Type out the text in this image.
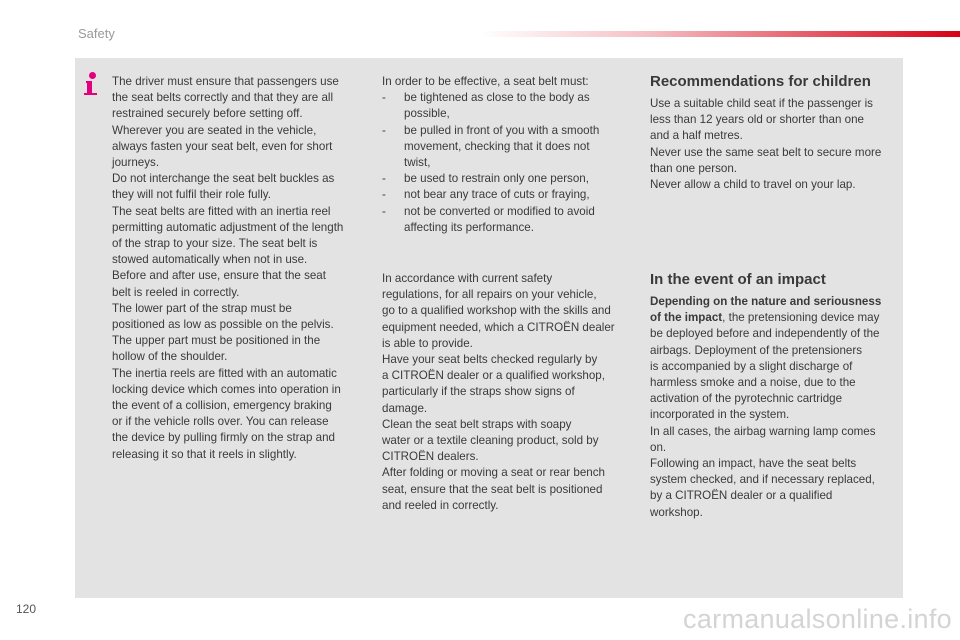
Safety

The driver must ensure that passengers use

the seat belts correctly and that they are all

restrained securely before setting off.

Wherever you are seated in the vehicle,

always fasten your seat belt, even for short

journeys.

Do not interchange the seat belt buckles as

they will not fulfil their role fully.

The seat belts are fitted with an inertia reel

permitting automatic adjustment of the length

of the strap to your size. The seat belt is

stowed automatically when not in use.

Before and after use, ensure that the seat

belt is reeled in correctly.

The lower part of the strap must be

positioned as low as possible on the pelvis.

The upper part must be positioned in the

hollow of the shoulder.

The inertia reels are fitted with an automatic

locking device which comes into operation in

the event of a collision, emergency braking

or if the vehicle rolls over. You can release

the device by pulling firmly on the strap and

releasing it so that it reels in slightly.

In order to be effective, a seat belt must:

-	be tightened as close to the body as

possible,

-	be pulled in front of you with a smooth

movement, checking that it does not

twist,

-	be used to restrain only one person,

-	not bear any trace of cuts or fraying,

-	not be converted or modified to avoid

affecting its performance.

In accordance with current safety

regulations, for all repairs on your vehicle,

go to a qualified workshop with the skills and

equipment needed, which a CITROËN dealer

is able to provide.

Have your seat belts checked regularly by

a CITROËN dealer or a qualified workshop,

particularly if the straps show signs of

damage.

Clean the seat belt straps with soapy

water or a textile cleaning product, sold by

CITROËN dealers.

After folding or moving a seat or rear bench

seat, ensure that the seat belt is positioned

and reeled in correctly.

Recommendations for children

Use a suitable child seat if the passenger is

less than 12 years old or shorter than one

and a half metres.

Never use the same seat belt to secure more

than one person.

Never allow a child to travel on your lap.

In the event of an impact

Depending on the nature and seriousness

of the impact, the pretensioning device may

be deployed before and independently of the

airbags. Deployment of the pretensioners

is accompanied by a slight discharge of

harmless smoke and a noise, due to the

activation of the pyrotechnic cartridge

incorporated in the system.

In all cases, the airbag warning lamp comes

on.

Following an impact, have the seat belts

system checked, and if necessary replaced,

by a CITROËN dealer or a qualified

workshop.

120	carmanualsonline.info
